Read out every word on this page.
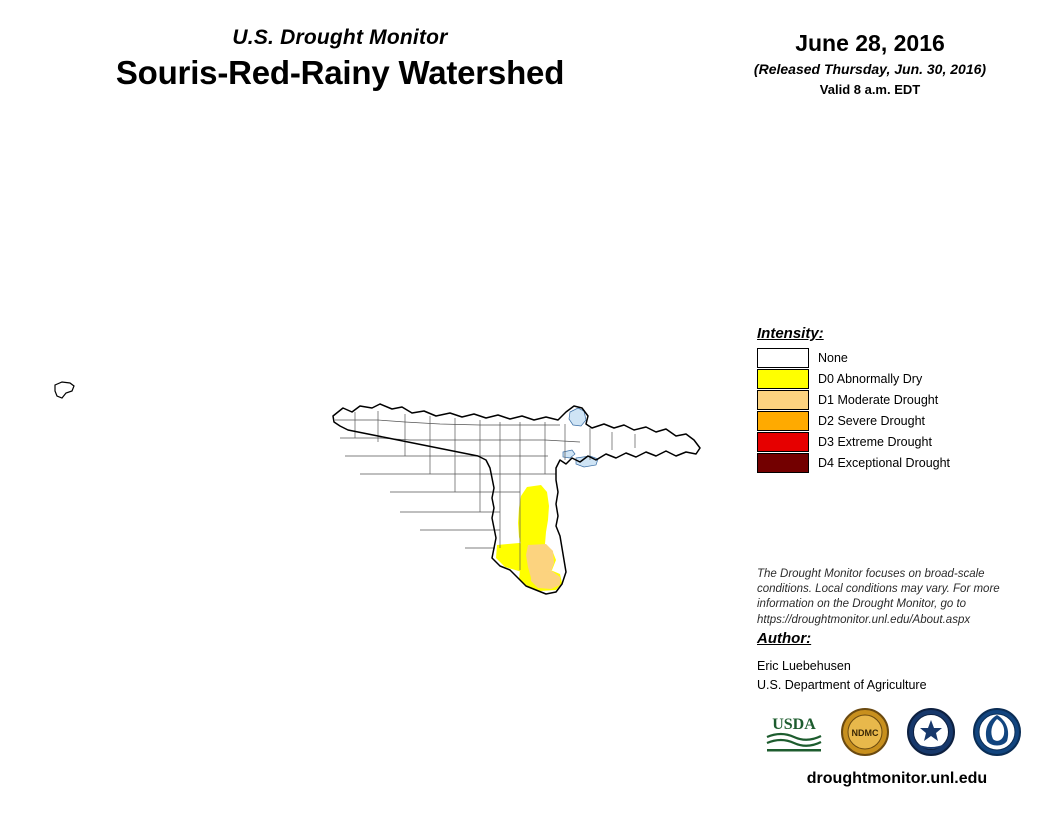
U.S. Drought Monitor
Souris-Red-Rainy Watershed
June 28, 2016
(Released Thursday, Jun. 30, 2016)
Valid 8 a.m. EDT
Intensity:
None
D0 Abnormally Dry
D1 Moderate Drought
D2 Severe Drought
D3 Extreme Drought
D4 Exceptional Drought
The Drought Monitor focuses on broad-scale conditions. Local conditions may vary. For more information on the Drought Monitor, go to https://droughtmonitor.unl.edu/About.aspx
Author:
Eric Luebehusen
U.S. Department of Agriculture
USDA	NDMC
droughtmonitor.unl.edu
